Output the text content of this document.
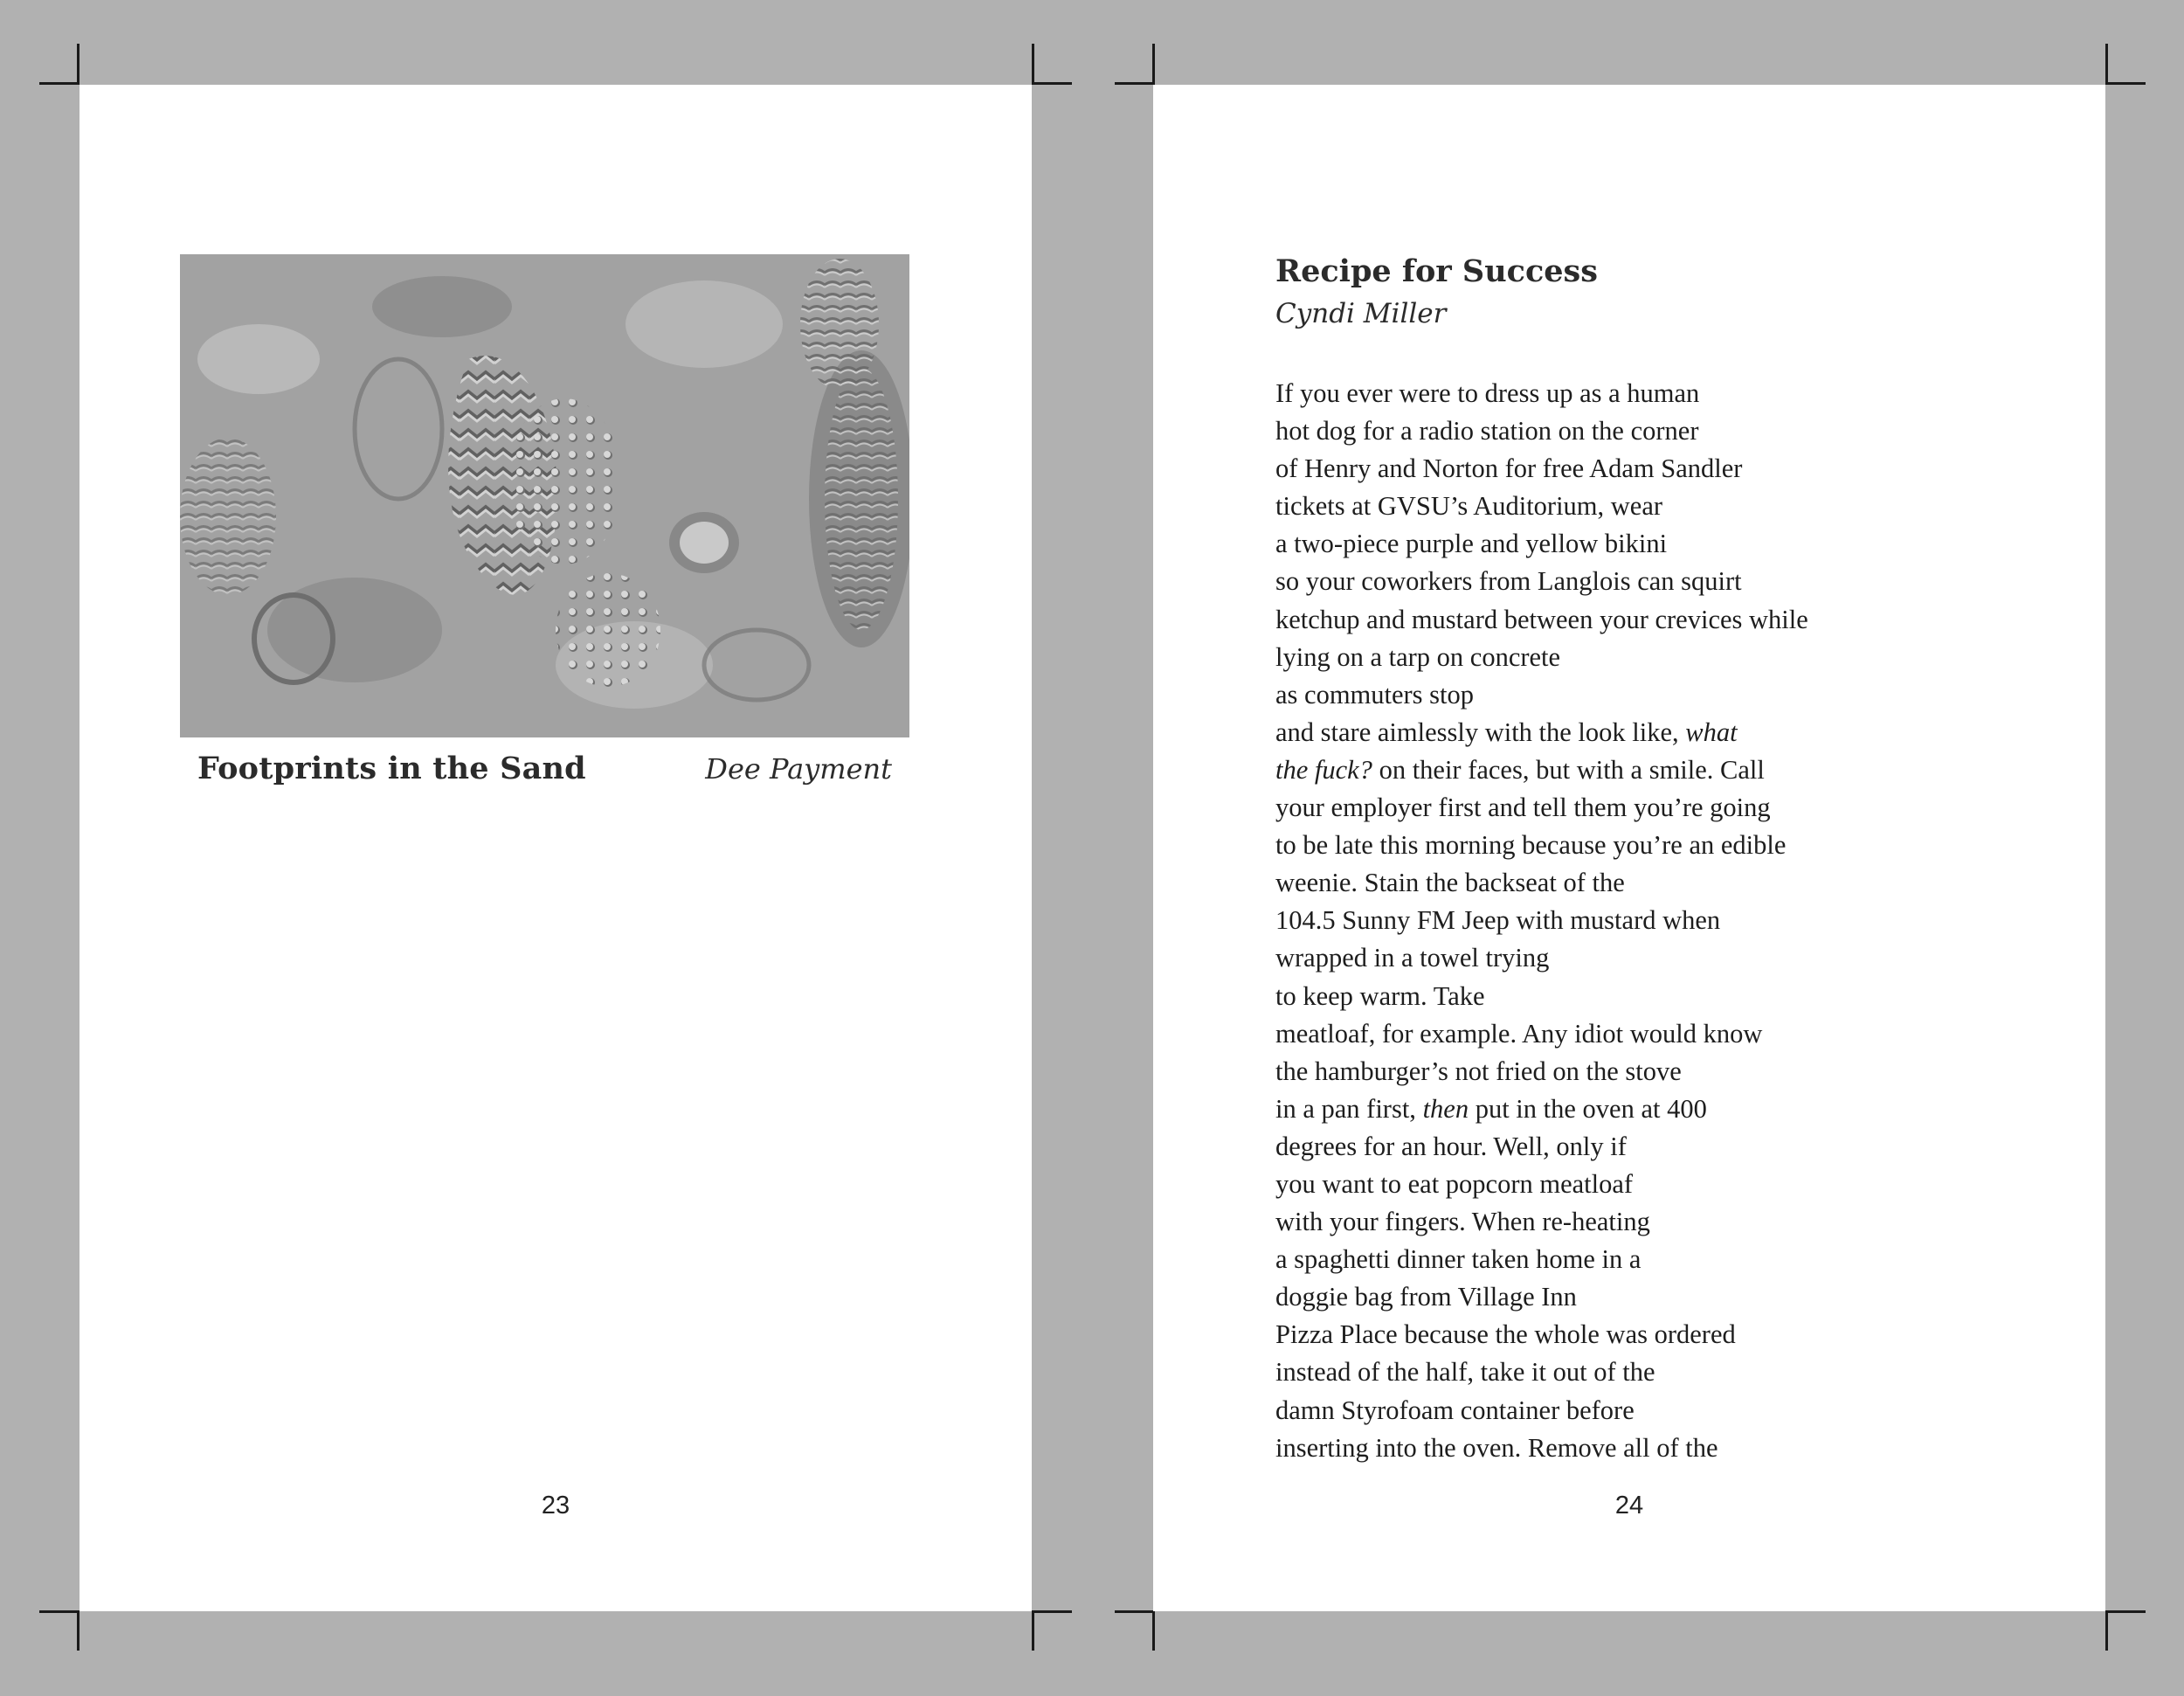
Footprints in the Sand	Dee Payment
23
Recipe for Success
Cyndi Miller
If you ever were to dress up as a human
hot dog for a radio station on the corner
of Henry and Norton for free Adam Sandler
tickets at GVSU’s Auditorium, wear
a two-piece purple and yellow bikini
so your coworkers from Langlois can squirt
ketchup and mustard between your crevices while
lying on a tarp on concrete
as commuters stop
and stare aimlessly with the look like, what
the fuck? on their faces, but with a smile. Call
your employer first and tell them you’re going
to be late this morning because you’re an edible
weenie. Stain the backseat of the
104.5 Sunny FM Jeep with mustard when
wrapped in a towel trying
to keep warm. Take
meatloaf, for example. Any idiot would know
the hamburger’s not fried on the stove
in a pan first, then put in the oven at 400
degrees for an hour. Well, only if
you want to eat popcorn meatloaf
with your fingers. When re-heating
a spaghetti dinner taken home in a
doggie bag from Village Inn
Pizza Place because the whole was ordered
instead of the half, take it out of the
damn Styrofoam container before
inserting into the oven. Remove all of the
24
